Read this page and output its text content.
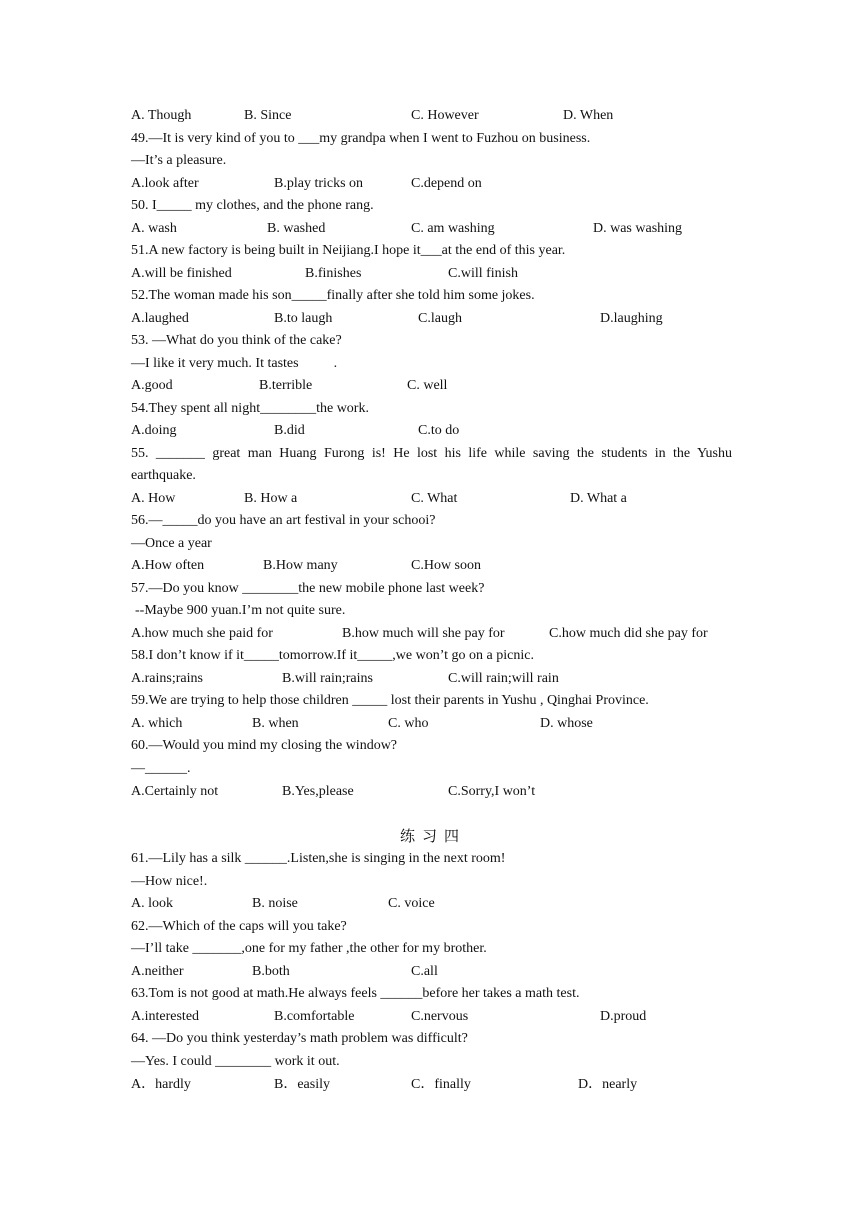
A. Though	B. Since	C. However	D. When
49.—It is very kind of you to ___my grandpa when I went to Fuzhou on business.
—It’s a pleasure.
A.look after	B.play tricks on	C.depend on
50. I_____ my clothes, and the phone rang.
A. wash	B. washed	C. am washing	D. was washing
51.A new factory is being built in Neijiang.I hope it___at the end of this year.
A.will be finished	B.finishes	C.will finish
52.The woman made his son_____finally after she told him some jokes.
A.laughed	B.to laugh	C.laugh	D.laughing
53. —What do you think of the cake?
—I like it very much. It tastes          .
A.good	B.terrible	C. well
54.They spent all night________the work.
A.doing	B.did	C.to do
55. _______ great man Huang Furong is! He lost his life while saving the students in the Yushu
earthquake.
A. How	B. How a	C. What	D. What a
56.—_____do you have an art festival in your schooi?
—Once a year
A.How often	B.How many	C.How soon
57.—Do you know ________the new mobile phone last week?
--Maybe 900 yuan.I’m not quite sure.
A.how much she paid for	B.how much will she pay for	C.how much did she pay for
58.I don’t know if it_____tomorrow.If it_____,we won’t go on a picnic.
A.rains;rains	B.will rain;rains	C.will rain;will rain
59.We are trying to help those children _____ lost their parents in Yushu , Qinghai Province.
A. which	B. when	C. who	D. whose
60.—Would you mind my closing the window?
—______.
A.Certainly not	B.Yes,please	C.Sorry,I won’t
练习四
61.—Lily has a silk ______.Listen,she is singing in the next room!
—How nice!.
A. look	B. noise	C. voice
62.—Which of the caps will you take?
—I’ll take _______,one for my father ,the other for my brother.
A.neither	B.both	C.all
63.Tom is not good at math.He always feels ______before her takes a math test.
A.interested	B.comfortable	C.nervous	D.proud
64. —Do you think yesterday’s math problem was difficult?
—Yes. I could ________ work it out.
A．hardly	B．easily	C．finally	D．nearly
